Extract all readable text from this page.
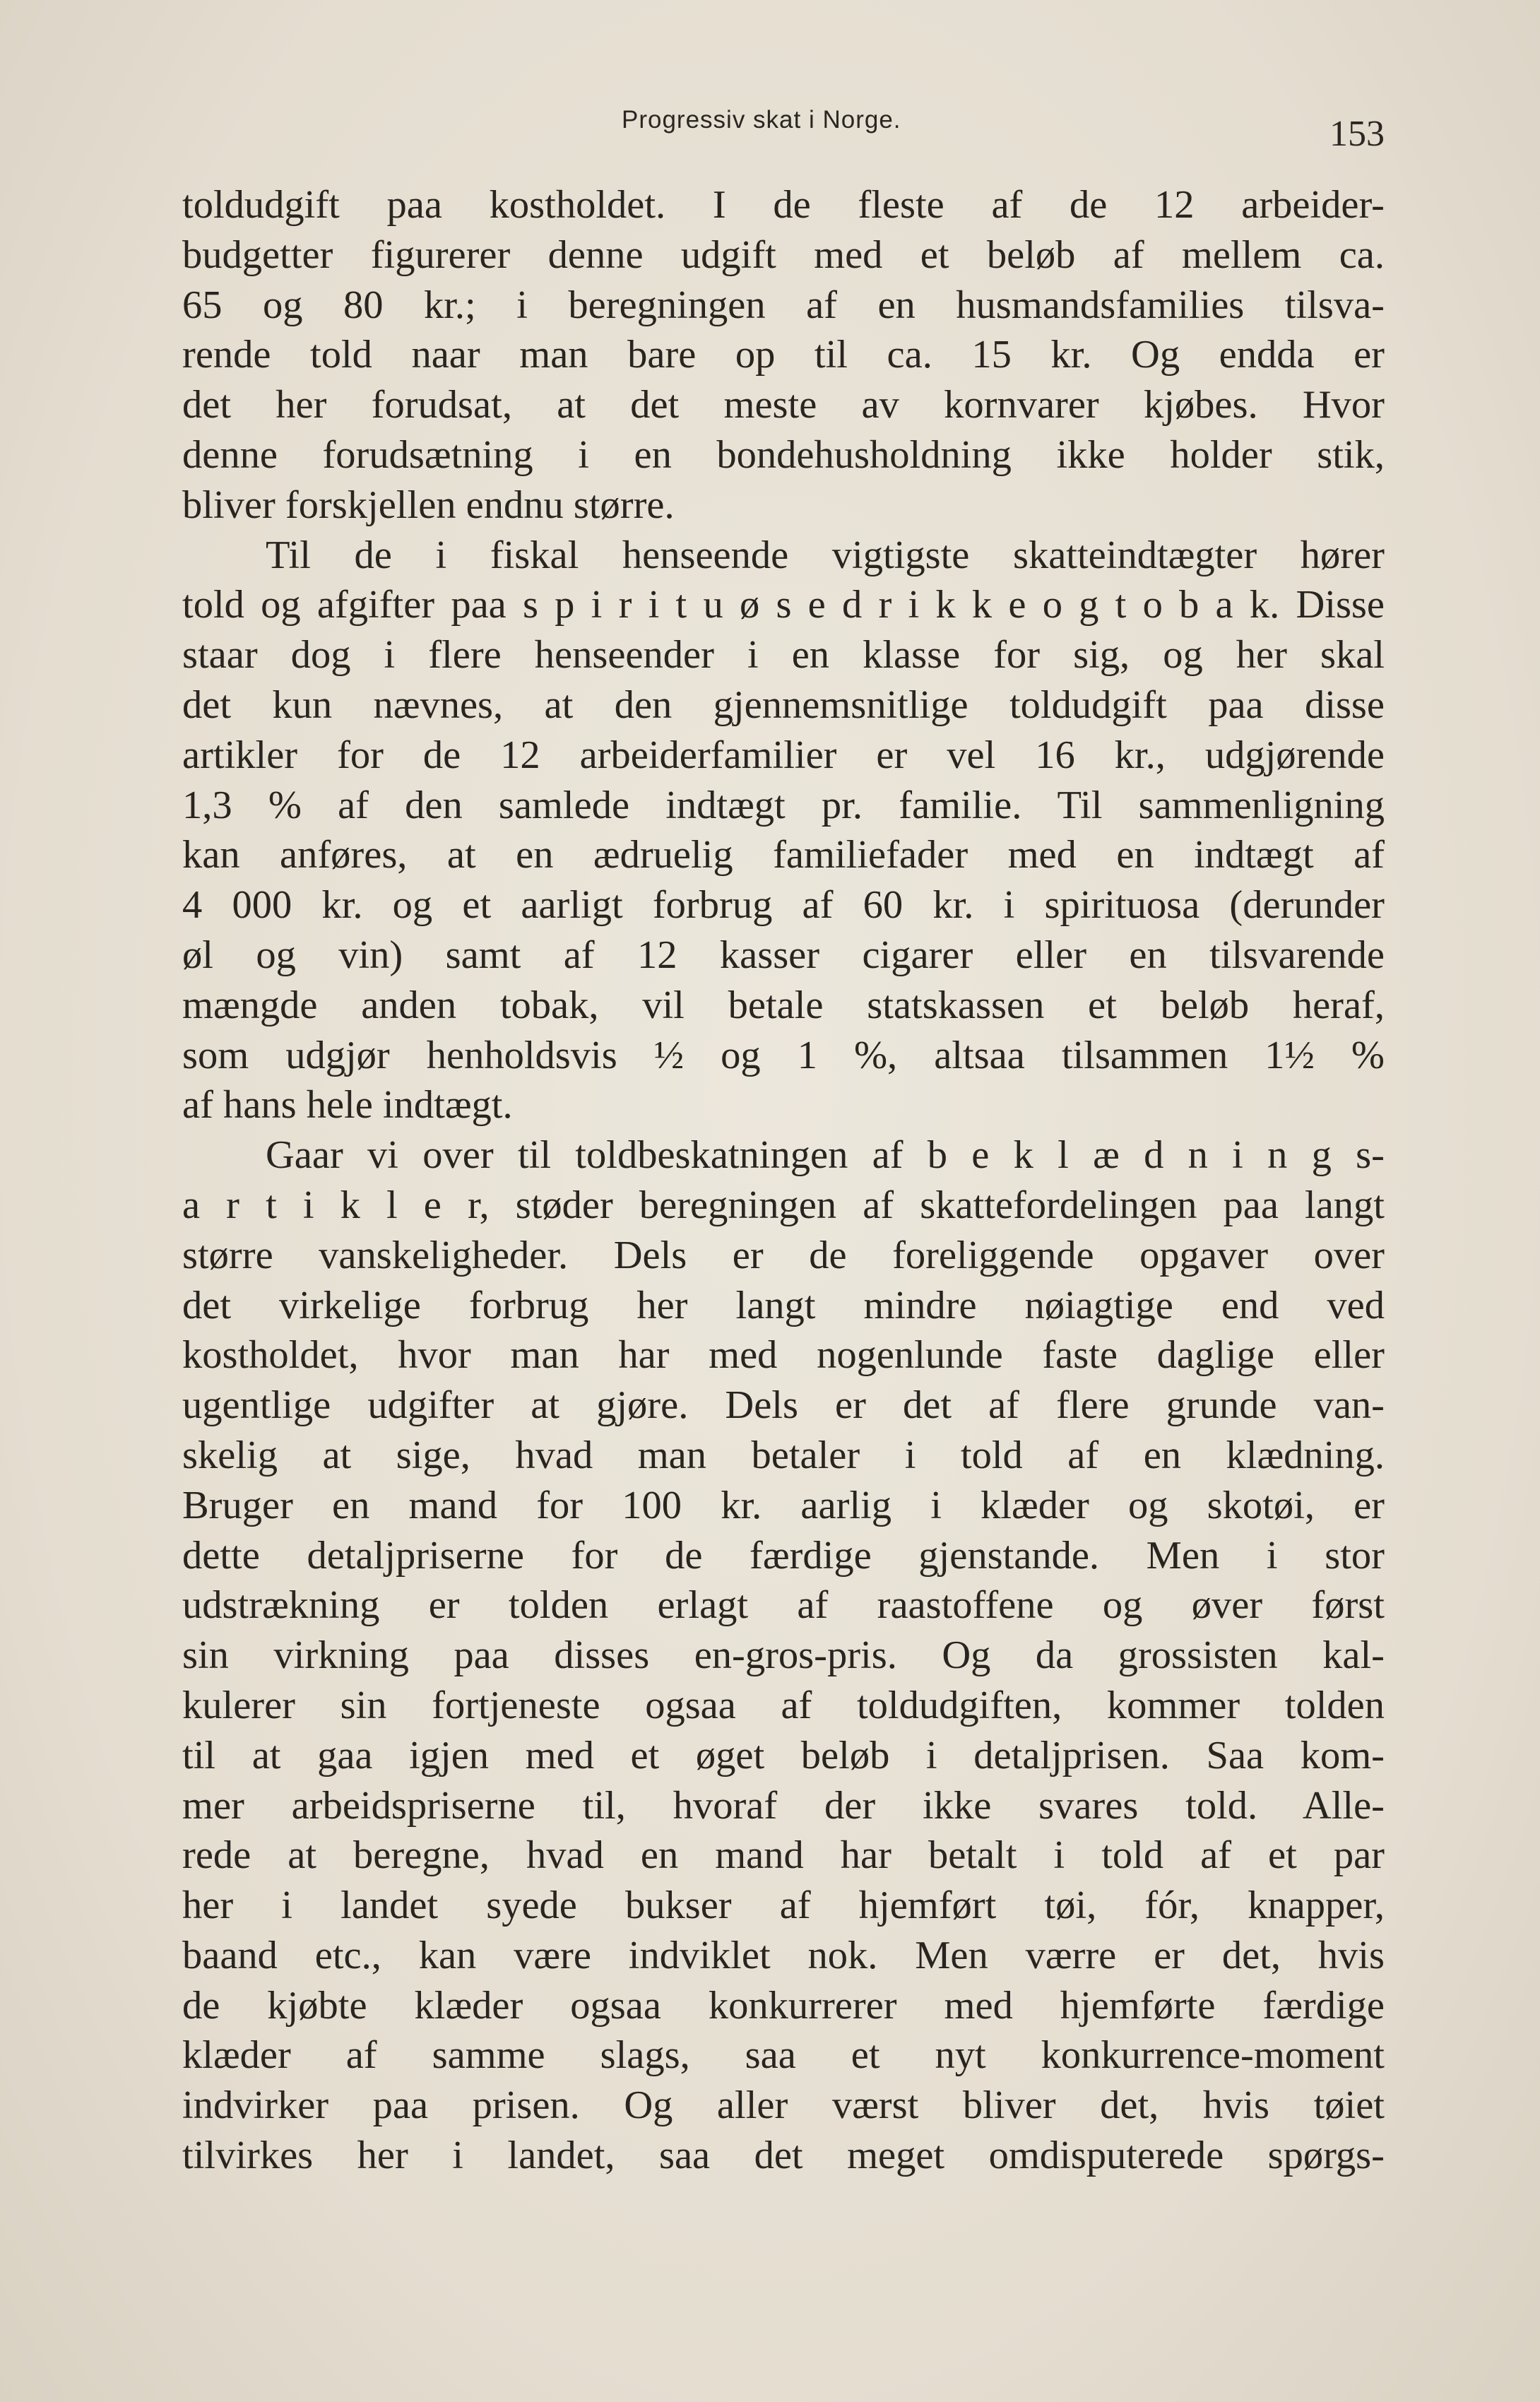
Progressiv skat i Norge.	153
toldudgift paa kostholdet. I de fleste af de 12 arbeider-
budgetter figurerer denne udgift med et beløb af mellem ca.
65 og 80 kr.; i beregningen af en husmandsfamilies tilsva-
rende told naar man bare op til ca. 15 kr. Og endda er
det her forudsat, at det meste av kornvarer kjøbes. Hvor
denne forudsætning i en bondehusholdning ikke holder stik,
bliver forskjellen endnu større.
Til de i fiskal henseende vigtigste skatteindtægter hører
told og afgifter paa s p i r i t u ø s e d r i k k e o g t o b a k. Disse
staar dog i flere henseender i en klasse for sig, og her skal
det kun nævnes, at den gjennemsnitlige toldudgift paa disse
artikler for de 12 arbeiderfamilier er vel 16 kr., udgjørende
1,3 % af den samlede indtægt pr. familie. Til sammenligning
kan anføres, at en ædruelig familiefader med en indtægt af
4 000 kr. og et aarligt forbrug af 60 kr. i spirituosa (derunder
øl og vin) samt af 12 kasser cigarer eller en tilsvarende
mængde anden tobak, vil betale statskassen et beløb heraf,
som udgjør henholdsvis ½ og 1 %, altsaa tilsammen 1½ %
af hans hele indtægt.
Gaar vi over til toldbeskatningen af b e k l æ d n i n g s-
a r t i k l e r, støder beregningen af skattefordelingen paa langt
større vanskeligheder. Dels er de foreliggende opgaver over
det virkelige forbrug her langt mindre nøiagtige end ved
kostholdet, hvor man har med nogenlunde faste daglige eller
ugentlige udgifter at gjøre. Dels er det af flere grunde van-
skelig at sige, hvad man betaler i told af en klædning.
Bruger en mand for 100 kr. aarlig i klæder og skotøi, er
dette detaljpriserne for de færdige gjenstande. Men i stor
udstrækning er tolden erlagt af raastoffene og øver først
sin virkning paa disses en-gros-pris. Og da grossisten kal-
kulerer sin fortjeneste ogsaa af toldudgiften, kommer tolden
til at gaa igjen med et øget beløb i detaljprisen. Saa kom-
mer arbeidspriserne til, hvoraf der ikke svares told. Alle-
rede at beregne, hvad en mand har betalt i told af et par
her i landet syede bukser af hjemført tøi, fór, knapper,
baand etc., kan være indviklet nok. Men værre er det, hvis
de kjøbte klæder ogsaa konkurrerer med hjemførte færdige
klæder af samme slags, saa et nyt konkurrence-moment
indvirker paa prisen. Og aller værst bliver det, hvis tøiet
tilvirkes her i landet, saa det meget omdisputerede spørgs-
